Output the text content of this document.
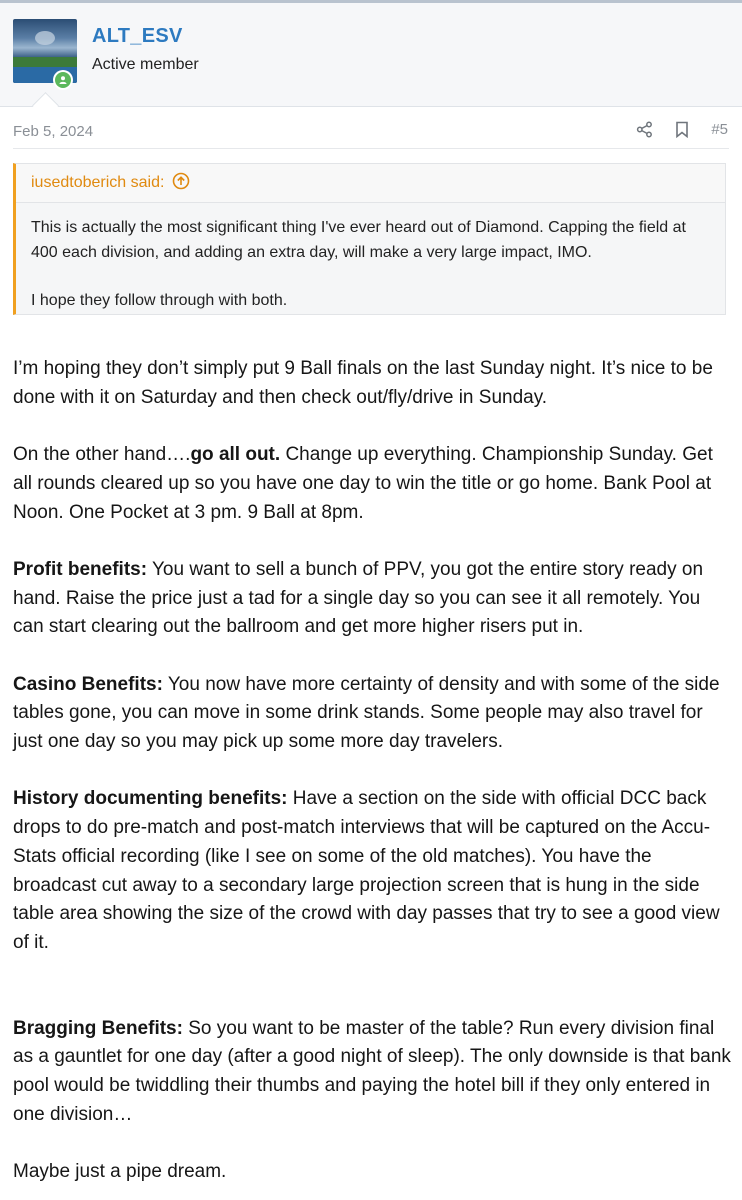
ALT_ESV
Active member
Feb 5, 2024	#5
iusedtoberich said:

This is actually the most significant thing I've ever heard out of Diamond. Capping the field at 400 each division, and adding an extra day, will make a very large impact, IMO.

I hope they follow through with both.

I’m hoping they don’t simply put 9 Ball finals on the last Sunday night. It’s nice to be done with it on Saturday and then check out/fly/drive in Sunday.

On the other hand….go all out. Change up everything. Championship Sunday. Get all rounds cleared up so you have one day to win the title or go home. Bank Pool at Noon. One Pocket at 3 pm. 9 Ball at 8pm.

Profit benefits: You want to sell a bunch of PPV, you got the entire story ready on hand. Raise the price just a tad for a single day so you can see it all remotely. You can start clearing out the ballroom and get more higher risers put in.

Casino Benefits: You now have more certainty of density and with some of the side tables gone, you can move in some drink stands. Some people may also travel for just one day so you may pick up some more day travelers.

History documenting benefits: Have a section on the side with official DCC back drops to do pre-match and post-match interviews that will be captured on the Accu-Stats official recording (like I see on some of the old matches). You have the broadcast cut away to a secondary large projection screen that is hung in the side table area showing the size of the crowd with day passes that try to see a good view of it.

Bragging Benefits: So you want to be master of the table? Run every division final as a gauntlet for one day (after a good night of sleep). The only downside is that bank pool would be twiddling their thumbs and paying the hotel bill if they only entered in one division…

Maybe just a pipe dream.
